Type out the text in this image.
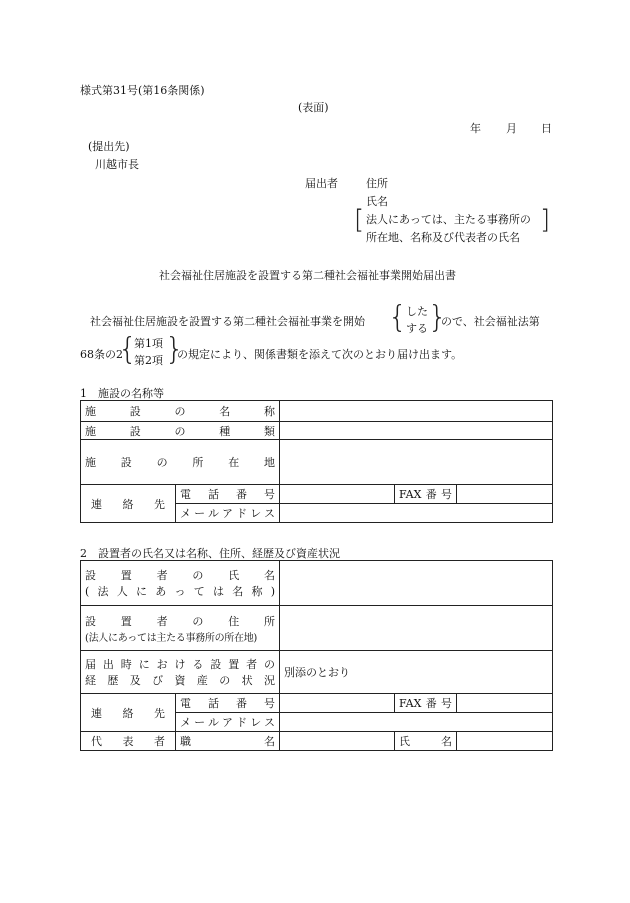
様式第31号(第16条関係)
(表面)
年 月 日
(提出先)
川越市長
届出者	住所
氏名
[ 法人にあっては、主たる事務所の
所在地、名称及び代表者の氏名
]
社会福祉住居施設を設置する第二種社会福祉事業開始届出書
社会福祉住居施設を設置する第二種社会福祉事業を開始 {
した
する }
ので、社会福祉法第
68条の2
{
第1項
第2項 }
の規定により、関係書類を添えて次のとおり届け出ます。
1　施設の名称等
施　設　の　名　称				

施　設　の　種　類				

施　設　の　所　在　地				

連　絡　先	電　話　番　号		FAX番号	

	メールアドレス			

2　設置者の氏名又は名称、住所、経歴及び資産状況
設　置　者　の　氏　名
(法人にあっては名称)				

設　置　者　の　住　所
(法人にあっては主たる事務所の所在地)				

届出時における設置者の
経歴及び資産の状況		別添のとおり		

連　絡　先	電　話　番　号		FAX番号	

	メールアドレス			

代　表　者	職　　名		氏　　名	
